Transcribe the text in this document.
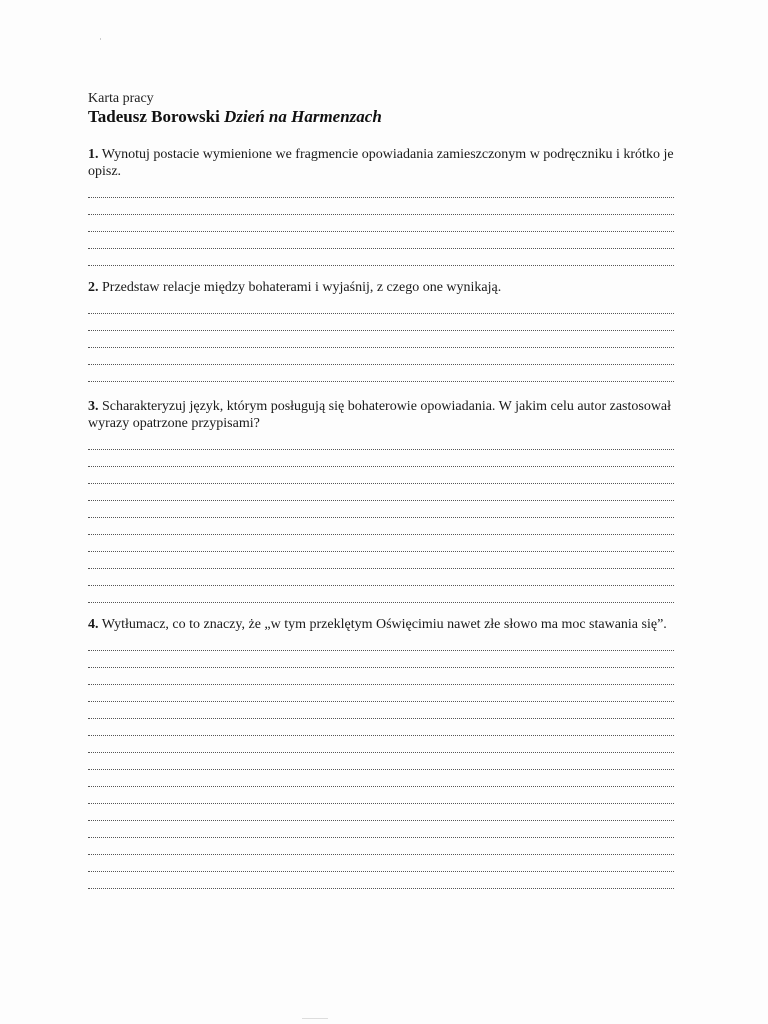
Karta pracy
Tadeusz Borowski Dzień na Harmenzach

1. Wynotuj postacie wymienione we fragmencie opowiadania zamieszczonym w podręczniku i krótko je opisz.

2. Przedstaw relacje między bohaterami i wyjaśnij, z czego one wynikają.

3. Scharakteryzuj język, którym posługują się bohaterowie opowiadania. W jakim celu autor zastosował wyrazy opatrzone przypisami?

4. Wytłumacz, co to znaczy, że „w tym przeklętym Oświęcimiu nawet złe słowo ma moc stawania się”.
